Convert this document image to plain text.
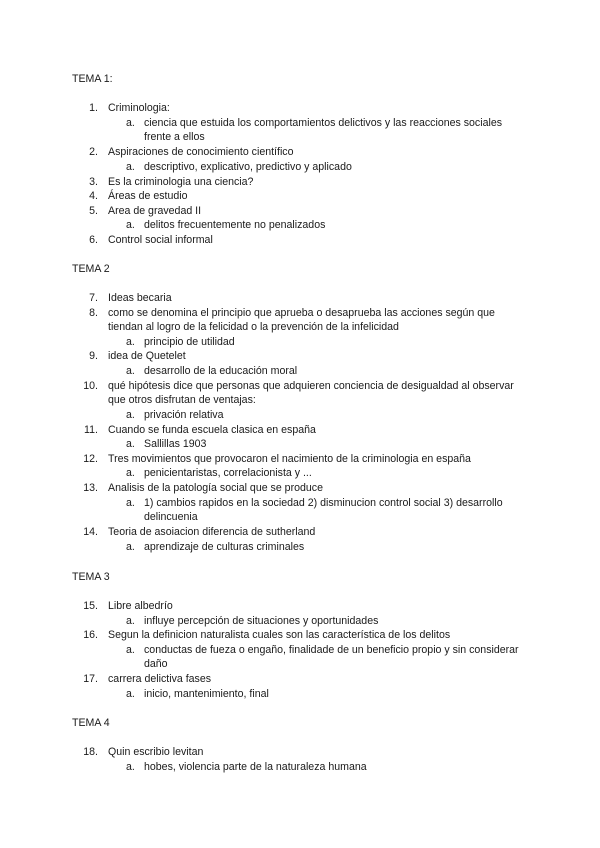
TEMA 1:
1. Criminologia:
a. ciencia que estuida los comportamientos delictivos y las reacciones sociales frente a ellos
2. Aspiraciones de conocimiento científico
a. descriptivo, explicativo, predictivo y aplicado
3. Es la criminologia una ciencia?
4. Áreas de estudio
5. Area de gravedad II
a. delitos frecuentemente no penalizados
6. Control social informal
TEMA 2
7. Ideas becaria
8. como se denomina el principio que aprueba o desaprueba las acciones según que tiendan al logro de la felicidad o la prevención de la infelicidad
a. principio de utilidad
9. idea de Quetelet
a. desarrollo de la educación moral
10. qué hipótesis dice que personas que adquieren conciencia de desigualdad al observar que otros disfrutan de ventajas:
a. privación relativa
11. Cuando se funda escuela clasica en españa
a. Sallillas 1903
12. Tres movimientos que provocaron el nacimiento de la criminologia en españa
a. penicientaristas, correlacionista y ...
13. Analisis de la patología social que se produce
a. 1) cambios rapidos en la sociedad 2) disminucion control social 3) desarrollo delincuenia
14. Teoria de asoiacion diferencia de sutherland
a. aprendizaje de culturas criminales
TEMA 3
15. Libre albedrío
a. influye percepción de situaciones y oportunidades
16. Segun la definicion naturalista cuales son las característica de los delitos
a. conductas de fueza o engaño, finalidade de un beneficio propio y sin considerar daño
17. carrera delictiva fases
a. inicio, mantenimiento, final
TEMA 4
18. Quin escribio levitan
a. hobes, violencia parte de la naturaleza humana
